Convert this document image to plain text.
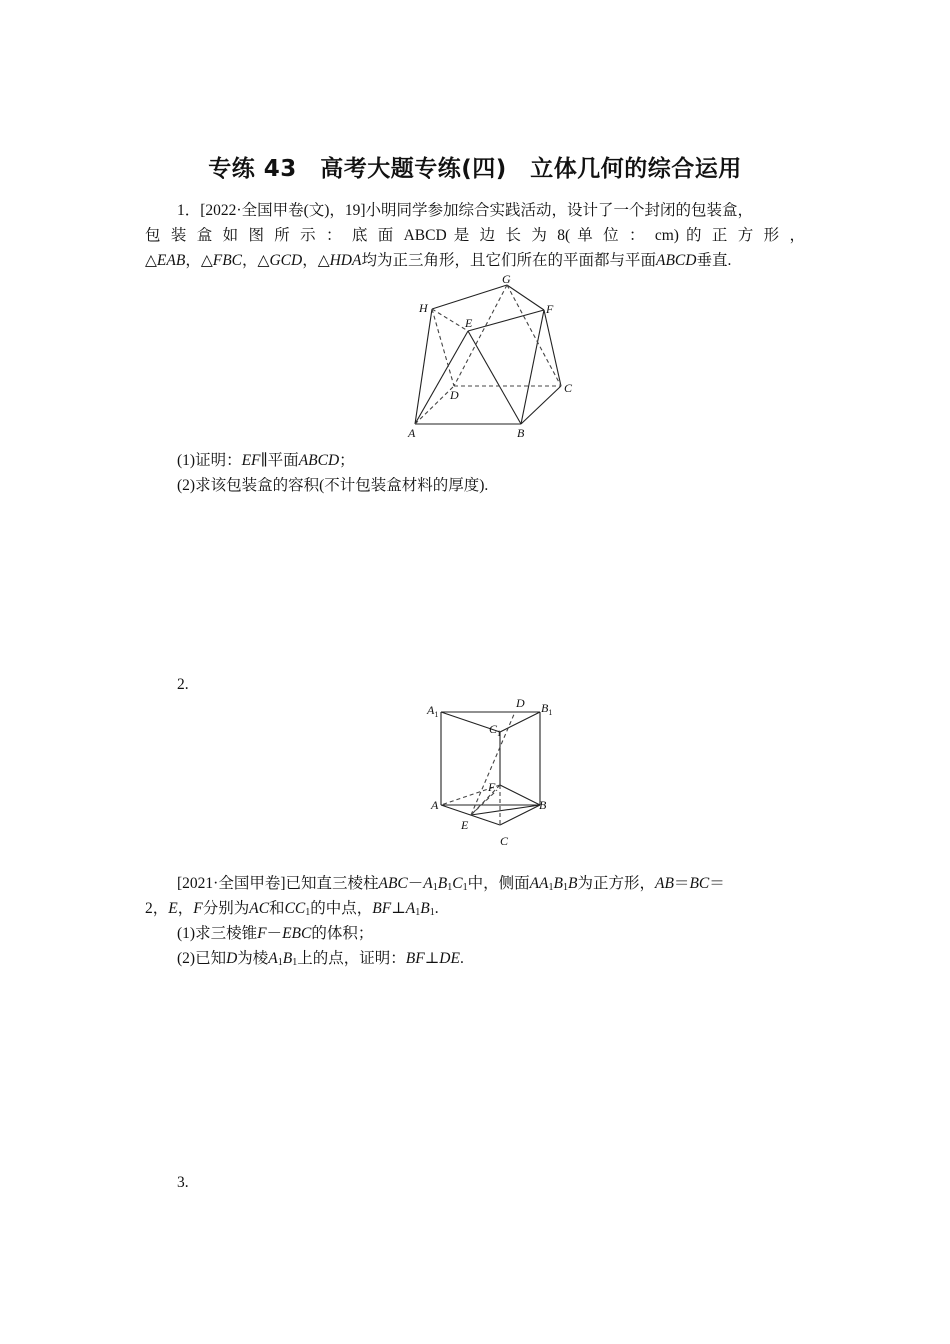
专练 43　高考大题专练(四)　立体几何的综合运用
1．[2022·全国甲卷(文)，19]小明同学参加综合实践活动，设计了一个封闭的包装盒，
包 装 盒 如 图 所 示 ： 底 面 ABCD 是 边 长 为 8( 单 位 ： cm) 的 正 方 形 ，
△EAB，△FBC，△GCD，△HDA均为正三角形，且它们所在的平面都与平面ABCD垂直.
G
H	F
E
D	C
A	B
(1)证明：EF∥平面ABCD；
(2)求该包装盒的容积(不计包装盒材料的厚度).
2.
$A_1$	$B_1$
$C_1$
D
F
A	B
E
C
[2021·全国甲卷]已知直三棱柱$ABC-A_1B_1C_1$中，侧面$AA_1B_1B$为正方形，AB＝BC＝
2，E，F分别为AC和$CC_1$的中点，$BF\perp A_1B_1$.
(1)求三棱锥F－EBC的体积；
(2)已知D为棱$A_1B_1$上的点，证明：BF⊥DE.
3.
